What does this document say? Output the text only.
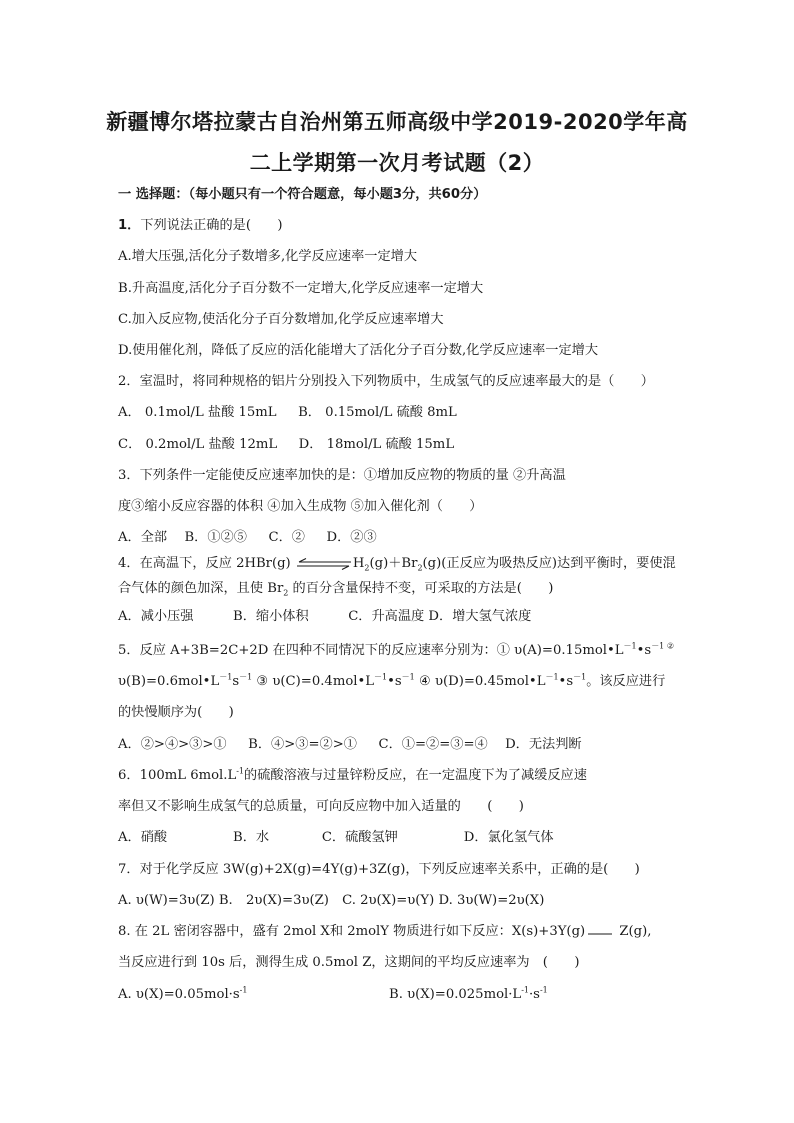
新疆博尔塔拉蒙古自治州第五师高级中学2019-2020学年高
二上学期第一次月考试题（2）
一 选择题：（每小题只有一个符合题意，每小题3分，共60分）
1．下列说法正确的是(　　)
A.增大压强,活化分子数增多,化学反应速率一定增大
B.升高温度,活化分子百分数不一定增大,化学反应速率一定增大
C.加入反应物,使活化分子百分数增加,化学反应速率增大
D.使用催化剂，降低了反应的活化能增大了活化分子百分数,化学反应速率一定增大
2．室温时，将同种规格的铝片分别投入下列物质中，生成氢气的反应速率最大的是（　　）
A． 0.1mol/L 盐酸 15mL 　 B． 0.15mol/L 硫酸 8mL
C． 0.2mol/L 盐酸 12mL 　 D． 18mol/L 硫酸 15mL
3．下列条件一定能使反应速率加快的是：①增加反应物的物质的量 ②升高温
度③缩小反应容器的体积 ④加入生成物 ⑤加入催化剂（　　）
A．全部　 B．①②⑤ 　 C．② 　 D．②③
4．在高温下，反应 2HBr(g)	$H_2(g)+Br_2(g)$(正反应为吸热反应)达到平衡时，要使混
合气体的颜色加深，且使 $Br_2$ 的百分含量保持不变，可采取的方法是(　　)
A．减小压强　　　B．缩小体积　　　C．升高温度 D．增大氢气浓度
5．反应 A+3B=2C+2D 在四种不同情况下的反应速率分别为：① $\upsilon(A)=0.15mol•L^{-1}•s^{-1}$ ②
$\upsilon(B)=0.6mol•L^{-1}s^{-1}$ ③ $\upsilon(C)=0.4mol•L^{-1}•s^{-1}$ ④ $\upsilon(D)=0.45mol•L^{-1}•s^{-1}$。该反应进行
的快慢顺序为(　　)
A．②>④>③>① 　 B．④>③=②>① 　 C．①=②=③=④ 　D．无法判断
6．100mL $6mol.L^{-1}$的硫酸溶液与过量锌粉反应，在一定温度下为了减缓反应速
率但又不影响生成氢气的总质量，可向反应物中加入适量的　　(　　)
A．硝酸　　　　　B．水　　　　C．硫酸氢钾　　　　　D．氯化氢气体
7．对于化学反应 3W(g)+2X(g)=4Y(g)+3Z(g)，下列反应速率关系中，正确的是(　　)
A. υ(W)=3υ(Z) B.　2υ(X)=3υ(Z)　C. 2υ(X)=υ(Y) D. 3υ(W)=2υ(X)
8. 在 2L 密闭容器中，盛有 2mol X和 2molY 物质进行如下反应：X(s)+3Y(g) Z(g),
当反应进行到 10s 后，测得生成 0.5mol Z，这期间的平均反应速率为　(　　)
A. $\upsilon(X)=0.05mol\cdot s^{-1}$	B. $\upsilon(X)=0.025mol\cdot L^{-1}\cdot s^{-1}$
